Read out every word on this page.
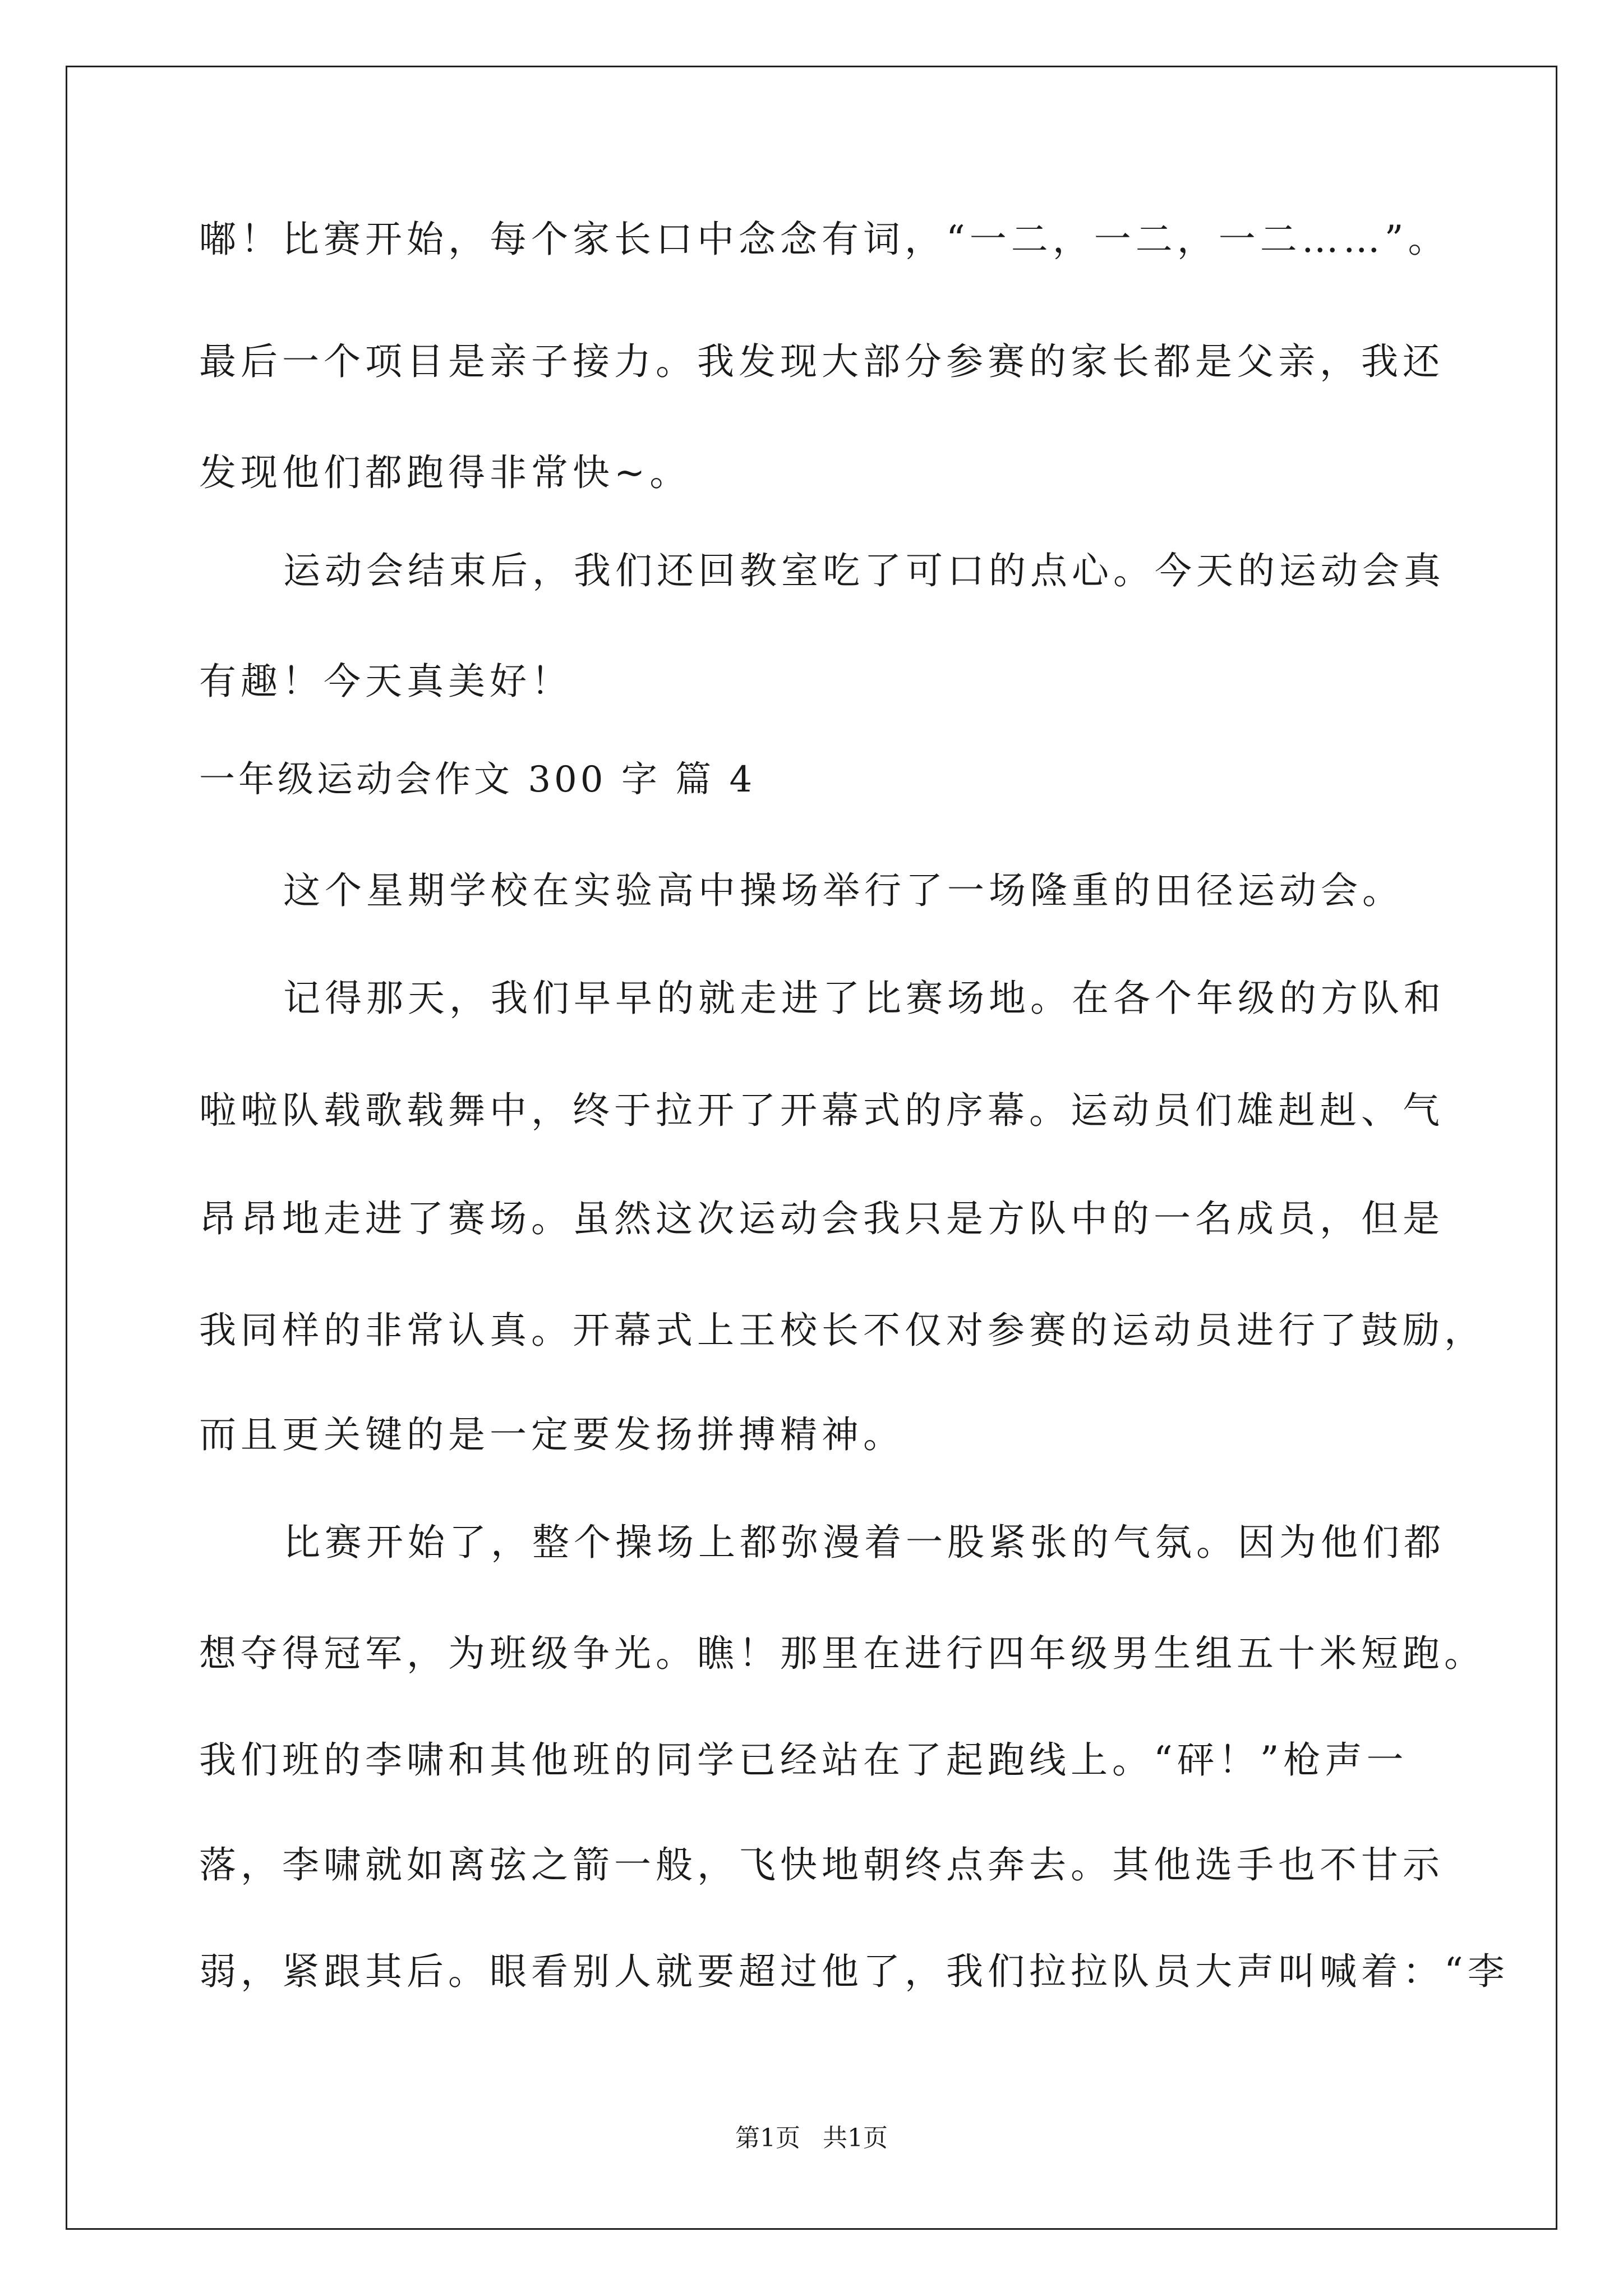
嘟！比赛开始，每个家长口中念念有词，“一二，一二，一二……”。
最后一个项目是亲子接力。我发现大部分参赛的家长都是父亲，我还
发现他们都跑得非常快~。
运动会结束后，我们还回教室吃了可口的点心。今天的运动会真
有趣！今天真美好！
一年级运动会作文 300 字 篇 4
这个星期学校在实验高中操场举行了一场隆重的田径运动会。
记得那天，我们早早的就走进了比赛场地。在各个年级的方队和
啦啦队载歌载舞中，终于拉开了开幕式的序幕。运动员们雄赳赳、气
昂昂地走进了赛场。虽然这次运动会我只是方队中的一名成员，但是
我同样的非常认真。开幕式上王校长不仅对参赛的运动员进行了鼓励，
而且更关键的是一定要发扬拼搏精神。
比赛开始了，整个操场上都弥漫着一股紧张的气氛。因为他们都
想夺得冠军，为班级争光。瞧！那里在进行四年级男生组五十米短跑。
我们班的李啸和其他班的同学已经站在了起跑线上。“砰！”枪声一
落，李啸就如离弦之箭一般，飞快地朝终点奔去。其他选手也不甘示
弱，紧跟其后。眼看别人就要超过他了，我们拉拉队员大声叫喊着：“李
第1页 共1页
